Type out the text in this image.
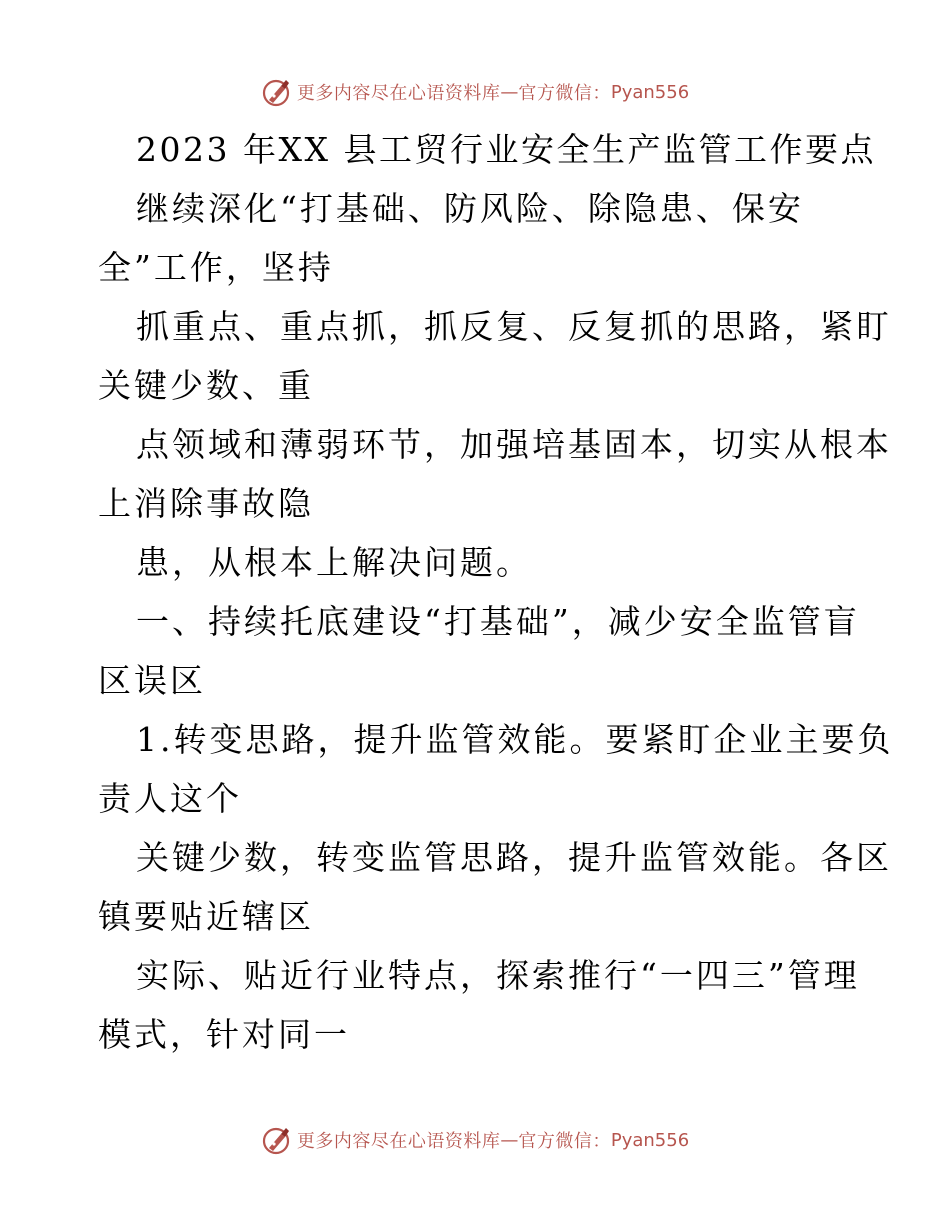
更多内容尽在心语资料库 — 官方微信： Pyan556
2023 年XX 县工贸行业安全生产监管工作要点
继续深化“打基础、防风险、除隐患、保安
全”工作，坚持
抓重点、重点抓，抓反复、反复抓的思路，紧盯
关键少数、重
点领域和薄弱环节，加强培基固本，切实从根本
上消除事故隐
患，从根本上解决问题。
一、持续托底建设“打基础”，减少安全监管盲
区误区
1.转变思路，提升监管效能。要紧盯企业主要负
责人这个
关键少数，转变监管思路，提升监管效能。各区
镇要贴近辖区
实际、贴近行业特点，探索推行“一四三”管理
模式，针对同一
更多内容尽在心语资料库 — 官方微信： Pyan556
